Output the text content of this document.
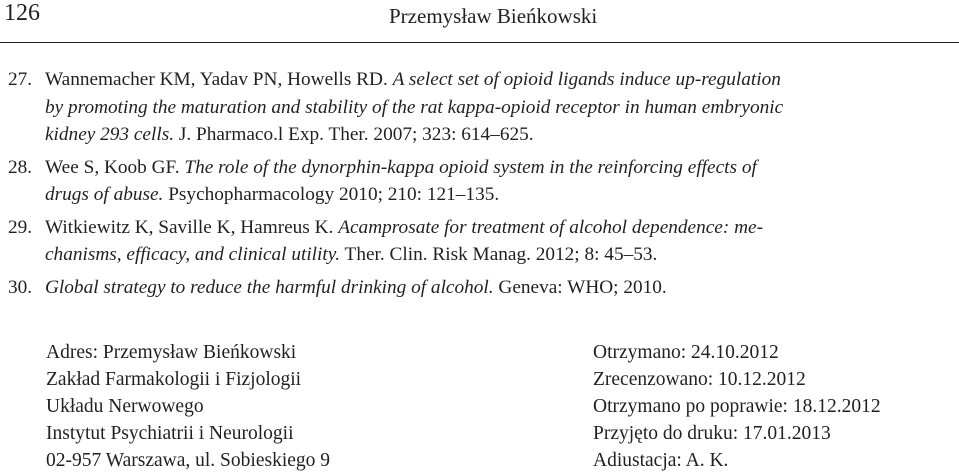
126	Przemysław Bieńkowski

27. Wannemacher KM, Yadav PN, Howells RD. A select set of opioid ligands induce up-regulation
by promoting the maturation and stability of the rat kappa-opioid receptor in human embryonic
kidney 293 cells. J. Pharmaco.l Exp. Ther. 2007; 323: 614–625.

28. Wee S, Koob GF. The role of the dynorphin-kappa opioid system in the reinforcing effects of
drugs of abuse. Psychopharmacology 2010; 210: 121–135.

29. Witkiewitz K, Saville K, Hamreus K. Acamprosate for treatment of alcohol dependence: me-
chanisms, efficacy, and clinical utility. Ther. Clin. Risk Manag. 2012; 8: 45–53.

30. Global strategy to reduce the harmful drinking of alcohol. Geneva: WHO; 2010.

Adres: Przemysław Bieńkowski
Zakład Farmakologii i Fizjologii
Układu Nerwowego
Instytut Psychiatrii i Neurologii
02-957 Warszawa, ul. Sobieskiego 9
Otrzymano: 24.10.2012
Zrecenzowano: 10.12.2012
Otrzymano po poprawie: 18.12.2012
Przyjęto do druku: 17.01.2013
Adiustacja: A. K.
